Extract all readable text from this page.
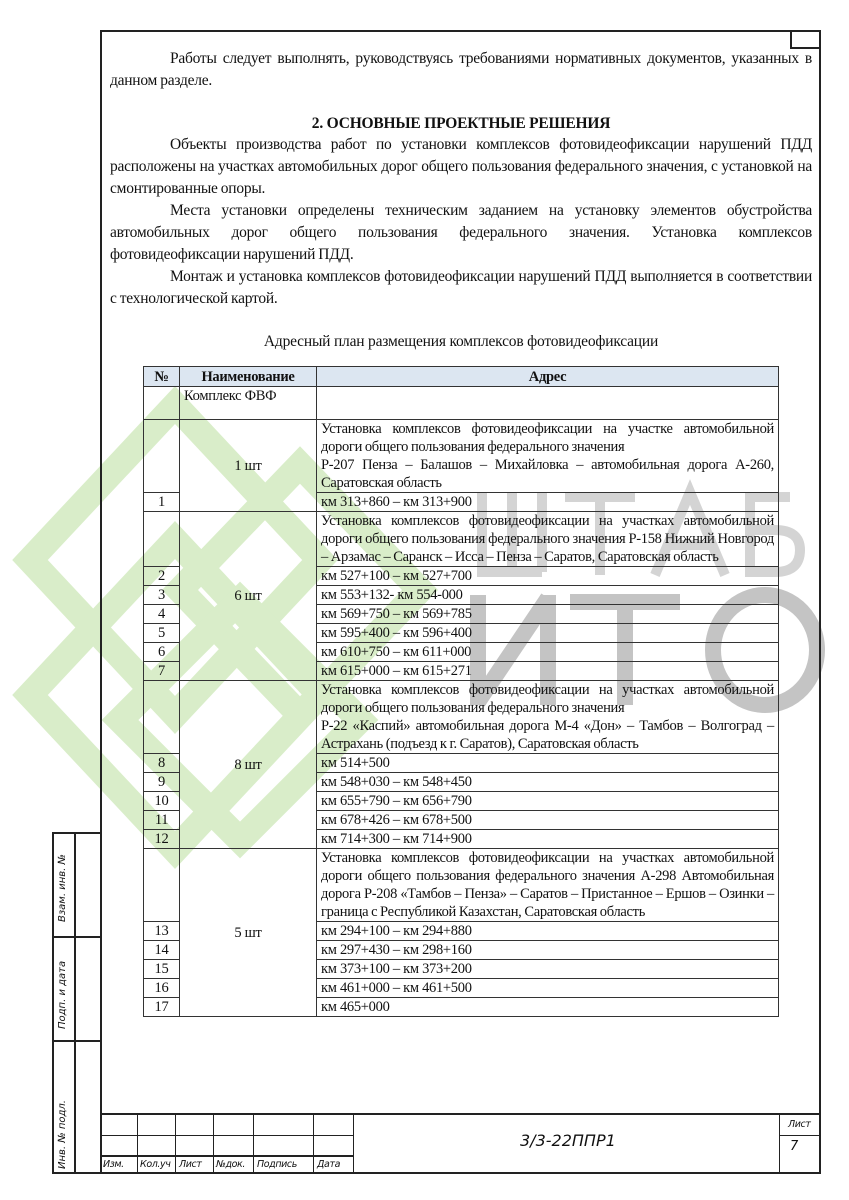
Работы следует выполнять, руководствуясь требованиями нормативных документов, указанных в данном разделе.

2. ОСНОВНЫЕ ПРОЕКТНЫЕ РЕШЕНИЯ

Объекты производства работ по установки комплексов фотовидеофиксации нарушений ПДД расположены на участках автомобильных дорог общего пользования федерального значения, с установкой на смонтированные опоры.

Места установки определены техническим заданием на установку элементов обустройства автомобильных дорог общего пользования федерального значения. Установка комплексов фотовидеофиксации нарушений ПДД.

Монтаж и установка комплексов фотовидеофиксации нарушений ПДД выполняется в соответствии с технологической картой.

Адресный план размещения комплексов фотовидеофиксации
№	Наименование	Адрес
	Комплекс ФВФ	
	1 шт	Установка комплексов фотовидеофиксации на участке автомобильной дороги общего пользования федерального значения
Р-207 Пенза – Балашов – Михайловка – автомобильная дорога А-260, Саратовская область

1		км 313+860 – км 313+900
	6 шт	Установка комплексов фотовидеофиксации на участках автомобильной дороги общего пользования федерального значения Р-158 Нижний Новгород – Арзамас – Саранск – Исса – Пенза – Саратов, Саратовская область

2		км 527+100 – км 527+700
3		км 553+132- км 554-000
4		км 569+750 – км 569+785
5		км 595+400 – км 596+400
6		км 610+750 – км 611+000
7		км 615+000 – км 615+271
	8 шт	Установка комплексов фотовидеофиксации на участках автомобильной дороги общего пользования федерального значения
Р-22 «Каспий» автомобильная дорога М-4 «Дон» – Тамбов – Волгоград – Астрахань (подъезд к г. Саратов), Саратовская область

8		км 514+500
9		км 548+030 – км 548+450
10		км 655+790 – км 656+790
11		км 678+426 – км 678+500
12		км 714+300 – км 714+900
	5 шт	Установка комплексов фотовидеофиксации на участках автомобильной дороги общего пользования федерального значения А-298 Автомобильная дорога Р-208 «Тамбов – Пенза» – Саратов – Пристанное – Ершов – Озинки – граница с Республикой Казахстан, Саратовская область

13		км 294+100 – км 294+880
14		км 297+430 – км 298+160
15		км 373+100 – км 373+200
16		км 461+000 – км 461+500
17		км 465+000
Взам. инв. №
Подп. и дата
Инв. № подл.	Изм. Кол.уч Лист №док. Подпись Дата
3/3-22ППР1
Лист
7
